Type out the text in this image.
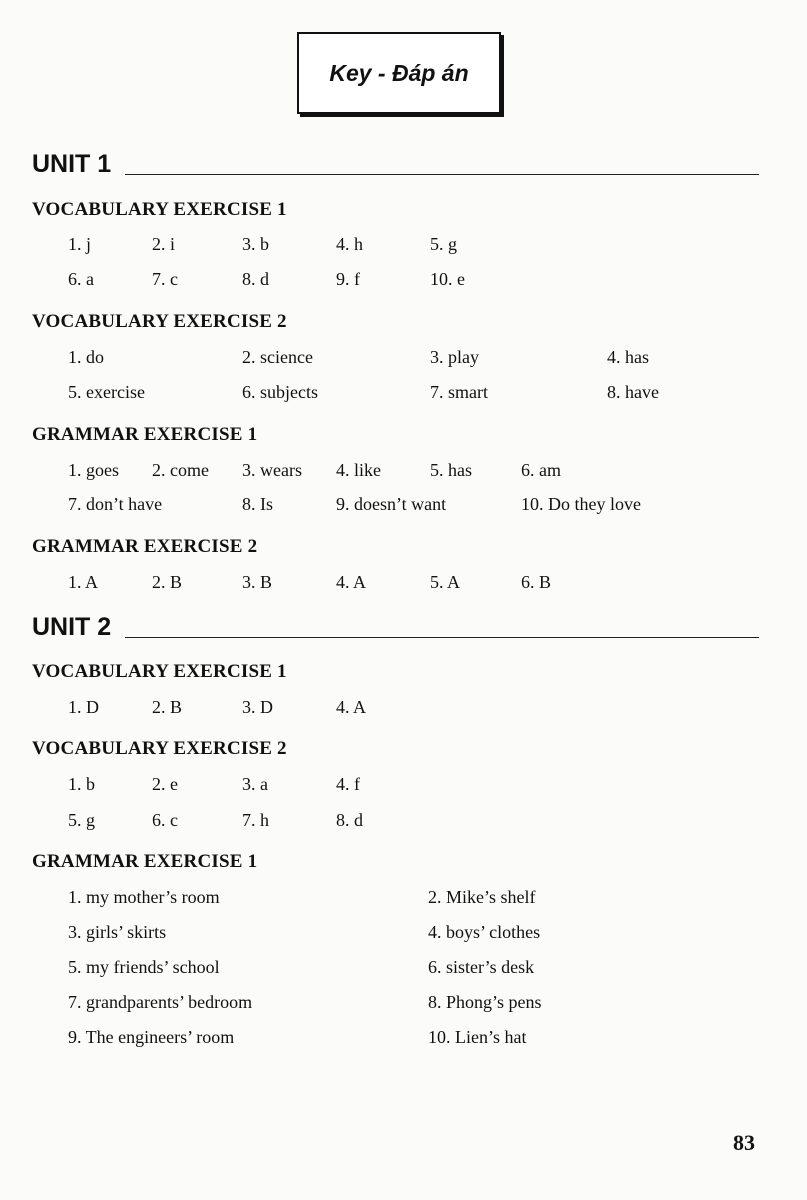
Key - Đáp án
UNIT 1
VOCABULARY EXERCISE 1
1. j	2. i	3. b	4. h	5. g
6. a	7. c	8. d	9. f	10. e
VOCABULARY EXERCISE 2
1. do	2. science	3. play	4. has
5. exercise	6. subjects	7. smart	8. have
GRAMMAR EXERCISE 1
1. goes 2. come 3. wears 4. like	5. has	6. am
7. don’t have	8. Is	9. doesn’t want	10. Do they love
GRAMMAR EXERCISE 2
1. A	2. B	3. B	4. A	5. A	6. B
UNIT 2
VOCABULARY EXERCISE 1
1. D	2. B	3. D	4. A
VOCABULARY EXERCISE 2
1. b	2. e	3. a	4. f
5. g	6. c	7. h	8. d
GRAMMAR EXERCISE 1
1. my mother’s room	2. Mike’s shelf
3. girls’ skirts	4. boys’ clothes
5. my friends’ school	6. sister’s desk
7. grandparents’ bedroom	8. Phong’s pens
9. The engineers’ room	10. Lien’s hat
83
